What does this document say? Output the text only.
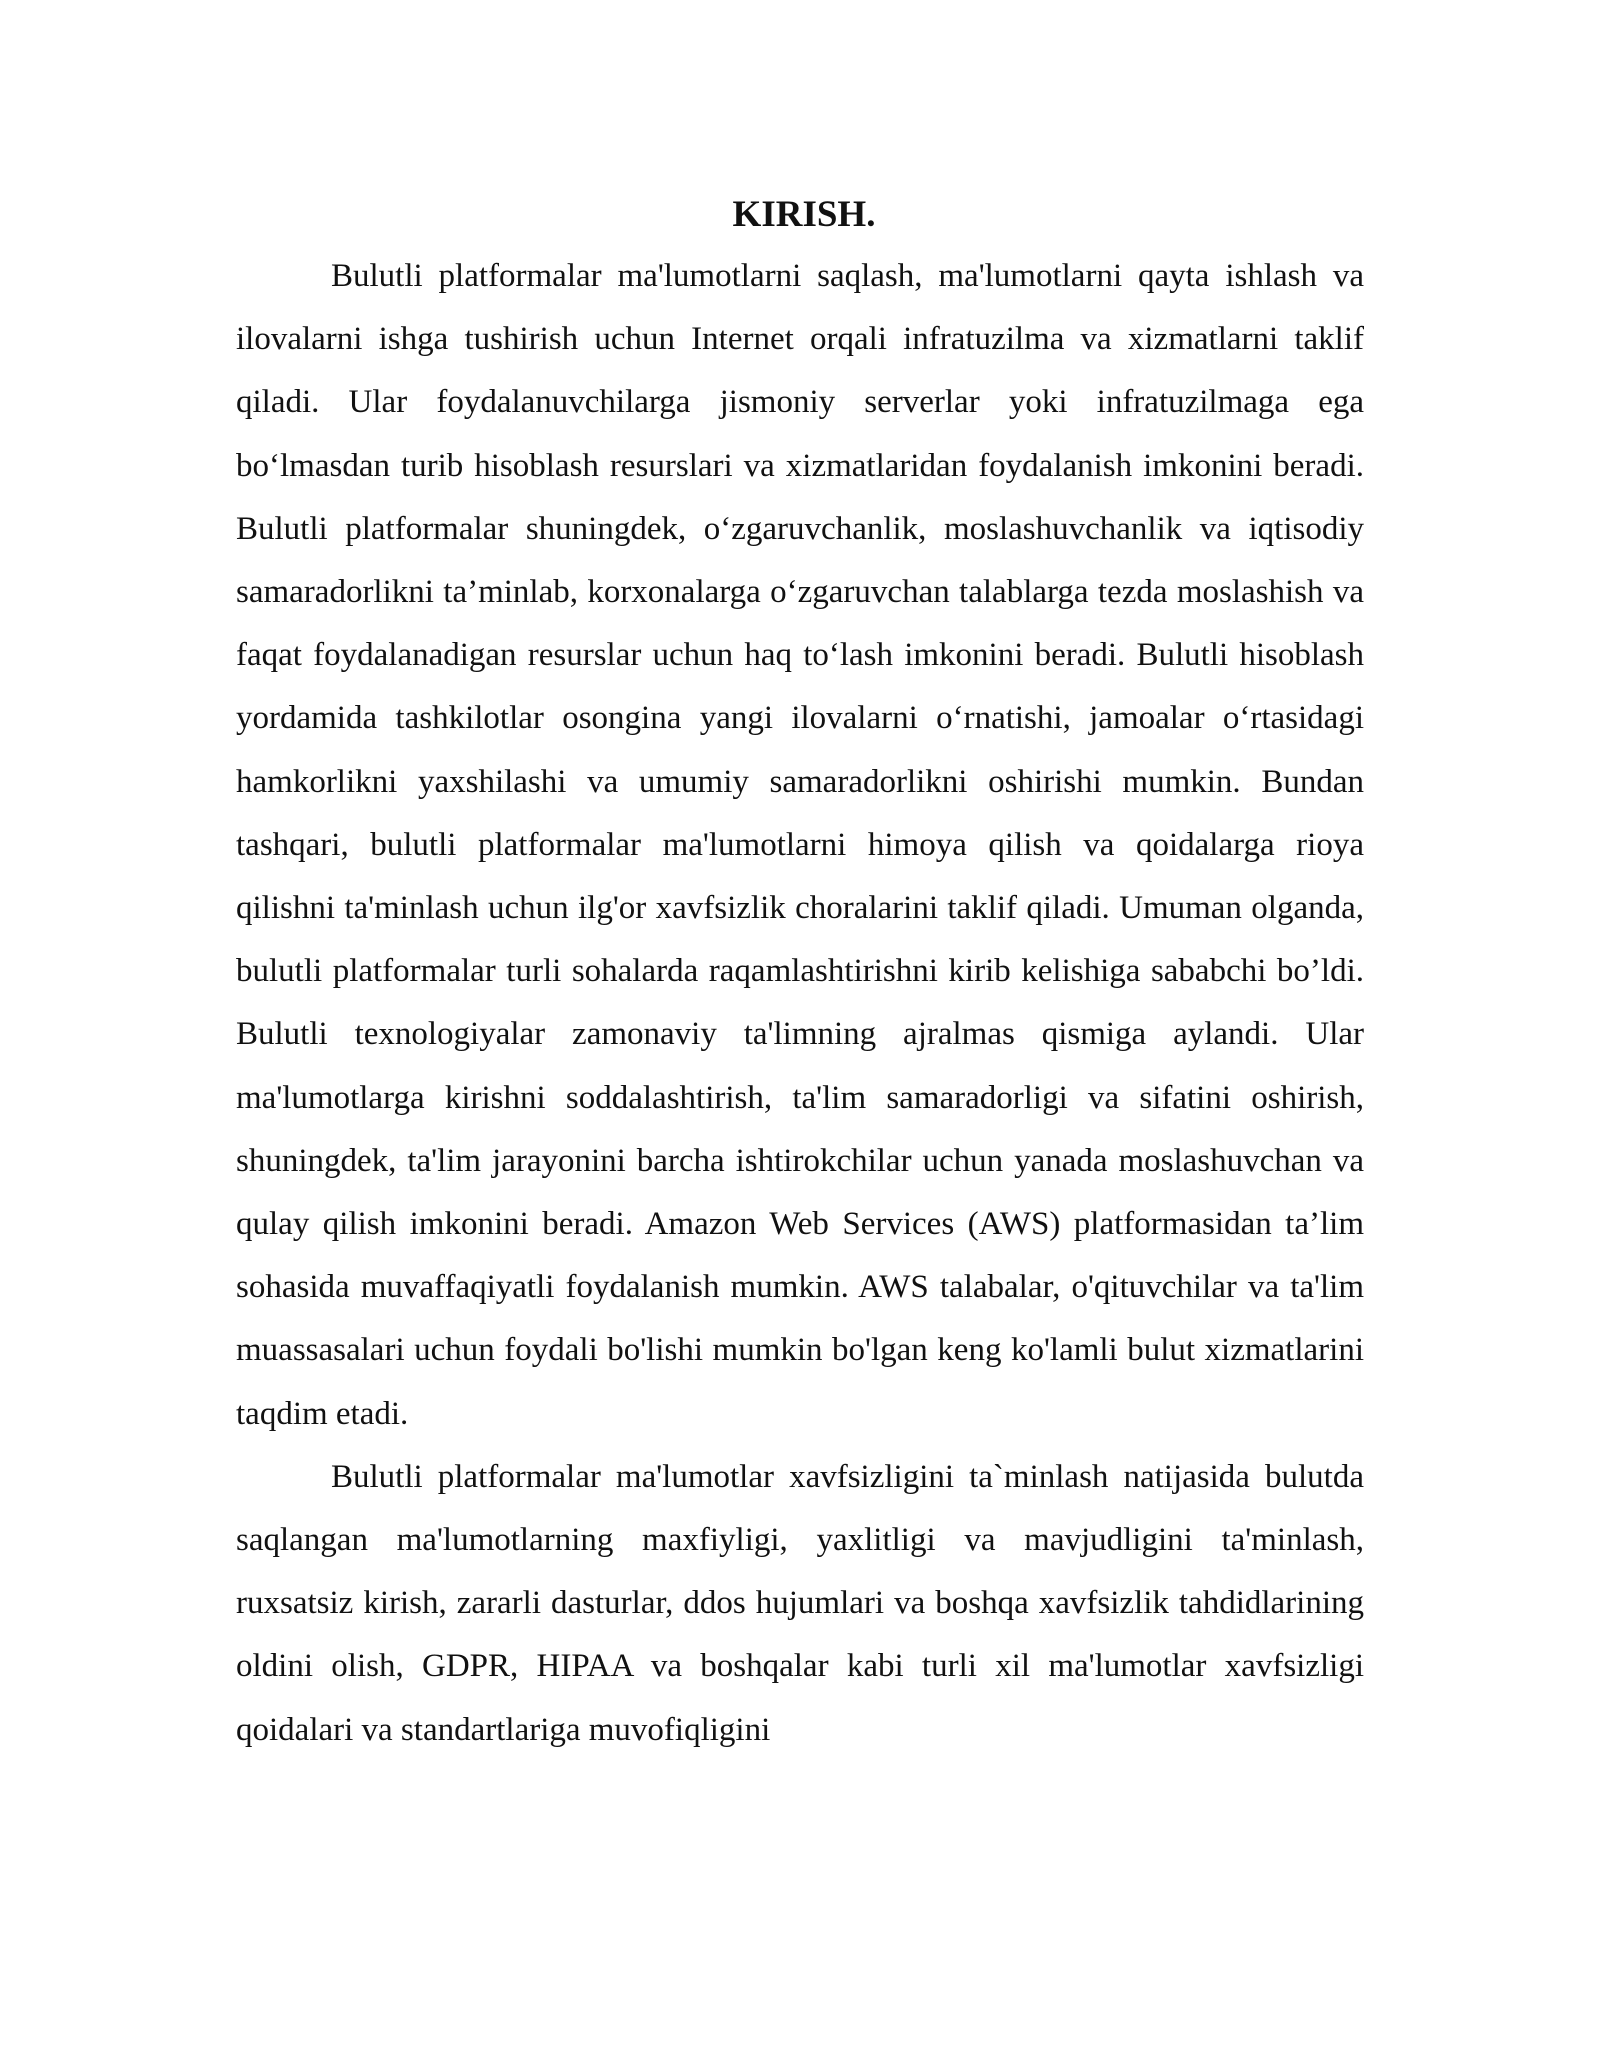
KIRISH.

Bulutli platformalar ma'lumotlarni saqlash, ma'lumotlarni qayta ishlash va ilovalarni ishga tushirish uchun Internet orqali infratuzilma va xizmatlarni taklif qiladi. Ular foydalanuvchilarga jismoniy serverlar yoki infratuzilmaga ega bo‘lmasdan turib hisoblash resurslari va xizmatlaridan foydalanish imkonini beradi. Bulutli platformalar shuningdek, o‘zgaruvchanlik, moslashuvchanlik va iqtisodiy samaradorlikni ta’minlab, korxonalarga o‘zgaruvchan talablarga tezda moslashish va faqat foydalanadigan resurslar uchun haq to‘lash imkonini beradi. Bulutli hisoblash yordamida tashkilotlar osongina yangi ilovalarni o‘rnatishi, jamoalar o‘rtasidagi hamkorlikni yaxshilashi va umumiy samaradorlikni oshirishi mumkin. Bundan tashqari, bulutli platformalar ma'lumotlarni himoya qilish va qoidalarga rioya qilishni ta'minlash uchun ilg'or xavfsizlik choralarini taklif qiladi. Umuman olganda, bulutli platformalar turli sohalarda raqamlashtirishni kirib kelishiga sababchi bo’ldi. Bulutli texnologiyalar zamonaviy ta'limning ajralmas qismiga aylandi. Ular ma'lumotlarga kirishni soddalashtirish, ta'lim samaradorligi va sifatini oshirish, shuningdek, ta'lim jarayonini barcha ishtirokchilar uchun yanada moslashuvchan va qulay qilish imkonini beradi. Amazon Web Services (AWS) platformasidan ta’lim sohasida muvaffaqiyatli foydalanish mumkin. AWS talabalar, o'qituvchilar va ta'lim muassasalari uchun foydali bo'lishi mumkin bo'lgan keng ko'lamli bulut xizmatlarini taqdim etadi.

Bulutli platformalar ma'lumotlar xavfsizligini ta`minlash natijasida bulutda saqlangan ma'lumotlarning maxfiyligi, yaxlitligi va mavjudligini ta'minlash, ruxsatsiz kirish, zararli dasturlar, ddos hujumlari va boshqa xavfsizlik tahdidlarining oldini olish, GDPR, HIPAA va boshqalar kabi turli xil ma'lumotlar xavfsizligi qoidalari va standartlariga muvofiqligini
